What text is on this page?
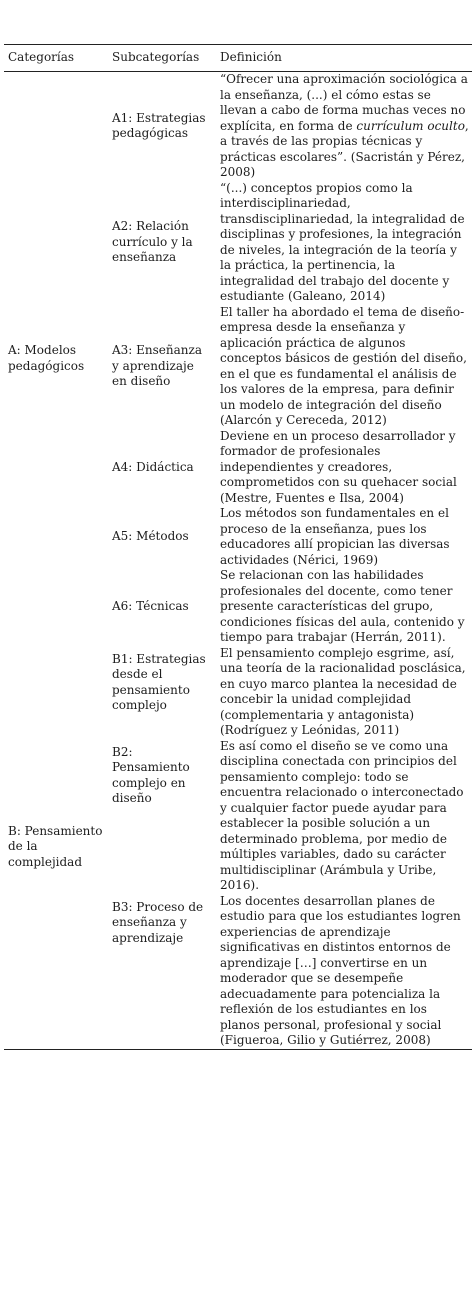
Categorías	Subcategorías	Definición
A: Modelos pedagógicos	A1: Estrategias pedagógicas	“Ofrecer una aproximación sociológica a la enseñanza, (...) el cómo estas se llevan a cabo de forma muchas veces no explícita, en forma de currículum oculto, a través de las propias técnicas y prácticas escolares”. (Sacristán y Pérez, 2008)

	A2: Relación currículo y la enseñanza	“(...) conceptos propios como la interdisciplinariedad, transdisciplinariedad, la integralidad de disciplinas y profesiones, la integración de niveles, la integración de la teoría y la práctica, la pertinencia, la integralidad del trabajo del docente y estudiante (Galeano, 2014)
	A3: Enseñanza y aprendizaje en diseño	El taller ha abordado el tema de diseño-empresa desde la enseñanza y aplicación práctica de algunos conceptos básicos de gestión del diseño, en el que es fundamental el análisis de los valores de la empresa, para definir un modelo de integración del diseño (Alarcón y Cereceda, 2012)
	A4: Didáctica	Deviene en un proceso desarrollador y formador de profesionales independientes y creadores, comprometidos con su quehacer social (Mestre, Fuentes e Ilsa, 2004)
	A5: Métodos	Los métodos son fundamentales en el proceso de la enseñanza, pues los educadores allí propician las diversas actividades (Nérici, 1969)
	A6: Técnicas	Se relacionan con las habilidades profesionales del docente, como tener presente características del grupo, condiciones físicas del aula, contenido y tiempo para trabajar (Herrán, 2011).
B: Pensamiento de la complejidad	B1: Estrategias desde el pensamiento complejo	El pensamiento complejo esgrime, así, una teoría de la racionalidad posclásica, en cuyo marco plantea la necesidad de concebir la unidad complejidad (complementaria y antagonista) (Rodríguez y Leónidas, 2011)
	B2: Pensamiento complejo en diseño	Es así como el diseño se ve como una disciplina conectada con principios del pensamiento complejo: todo se encuentra relacionado o interconectado y cualquier factor puede ayudar para establecer la posible solución a un determinado problema, por medio de múltiples variables, dado su carácter multidisciplinar (Arámbula y Uribe, 2016).
	B3: Proceso de enseñanza y aprendizaje	Los docentes desarrollan planes de estudio para que los estudiantes logren experiencias de aprendizaje significativas en distintos entornos de aprendizaje […] convertirse en un moderador que se desempeñe adecuadamente para potencializa la reflexión de los estudiantes en los planos personal, profesional y social (Figueroa, Gilio y Gutiérrez, 2008)
